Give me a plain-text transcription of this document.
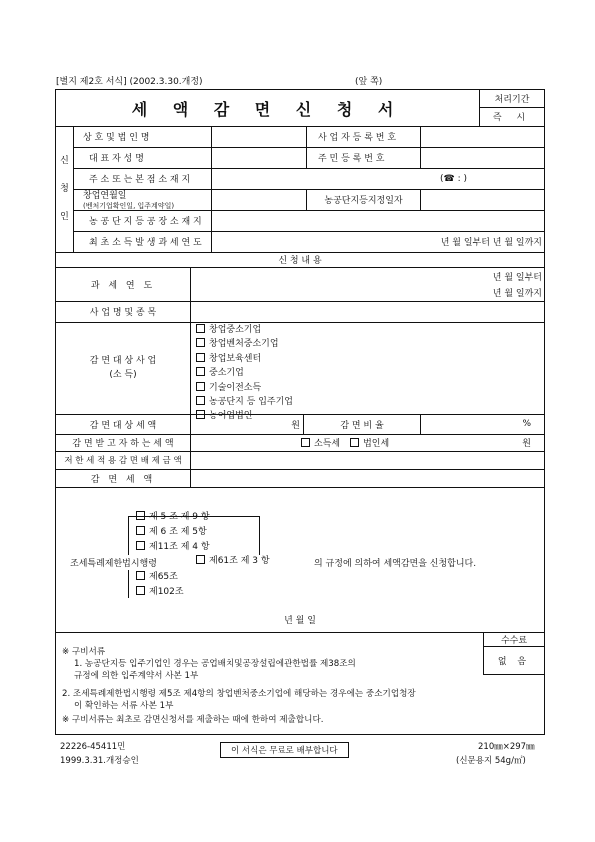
[별지 제2호 서식] (2002.3.30.개정)	(앞 쪽)
세 액 감 면 신 청 서	처리기간
즉 시
신
청
인
상 호 및 법 인 명	사 업 자 등 록 번 호
대 표 자 성 명	주 민 등 록 번 호
주 소 또 는 본 점 소 재 지	(☎ : )
창업연월일
(벤처기업확인일, 입주계약일)	농공단지등지정일자
농 공 단 지 등 공 장 소 재 지
최 초 소 득 발 생 과 세 연 도	년 월 일부터 년 월 일까지
신 청 내 용
과 세 연 도
년 월 일부터
년 월 일까지
사 업 명 및 종 목
감 면 대 상 사 업
(소 득)
창업중소기업
창업벤처중소기업
창업보육센터
중소기업
기술이전소득
농공단지 등 입주기업
농어업법인
감 면 대 상 세 액	원	감 면 비 율	%
감 면 받 고 자 하 는 세 액	소득세	법인세	원
저 한 세 적 용 감 면 배 제 금 액
감 면 세 액
제 5 조 제 9 항
제 6 조 제 5항
제11조 제 4 항
조세특례제한법시행령	제61조 제 3 항	의 규정에 의하여 세액감면을 신청합니다.
제65조
제102조
년 월 일
수수료
없 음
※ 구비서류
1. 농공단지등 입주기업인 경우는 공업배치및공장설립에관한법률 제38조의
규정에 의한 입주계약서 사본 1부
2. 조세특례제한법시행령 제5조 제4항의 창업벤처중소기업에 해당하는 경우에는 중소기업청장
이 확인하는 서류 사본 1부
※ 구비서류는 최초로 감면신청서를 제출하는 때에 한하여 제출합니다.
22226-45411민
1999.3.31.개정승인
이 서식은 무료로 배부합니다	210㎜×297㎜
(신문용지 54g/㎡)
